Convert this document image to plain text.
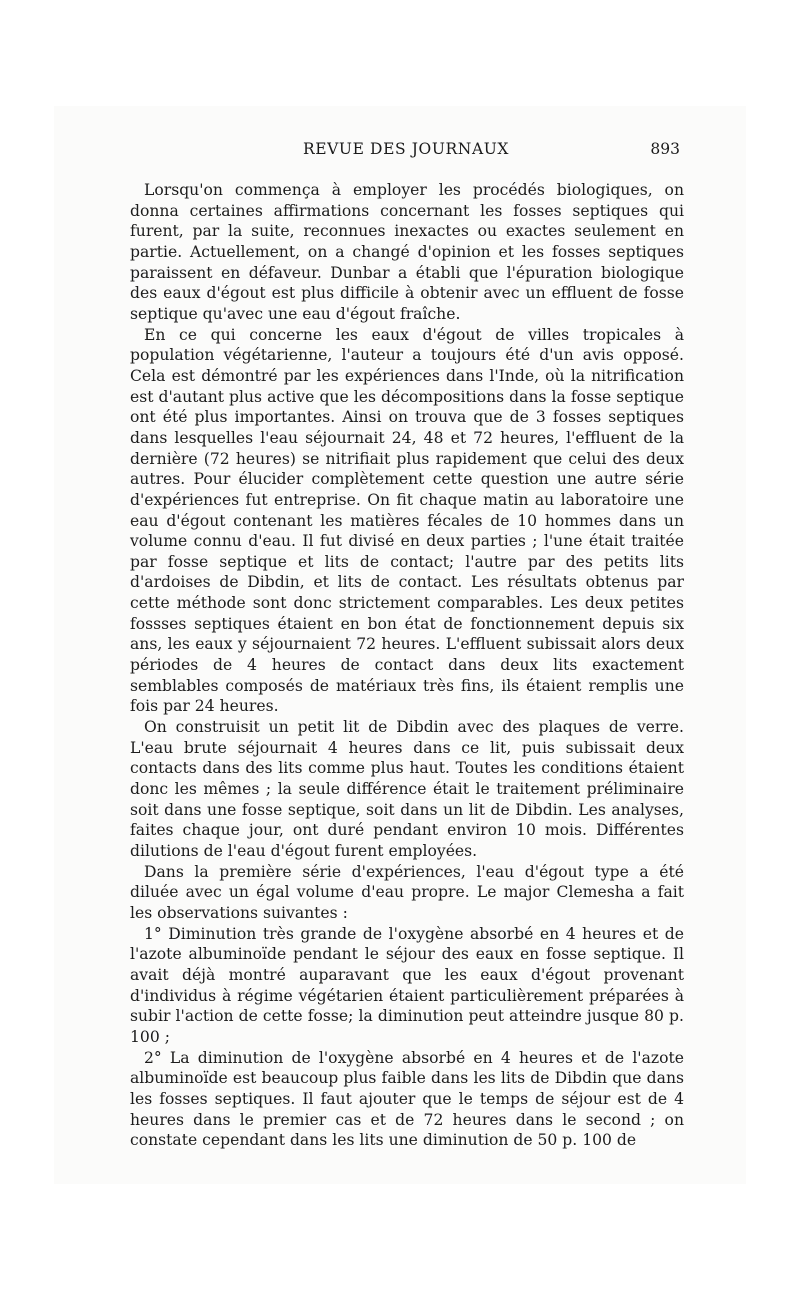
REVUE DES JOURNAUX	893

Lorsqu'on commença à employer les procédés biologiques, on donna certaines affirmations concernant les fosses septiques qui furent, par la suite, reconnues inexactes ou exactes seulement en partie. Actuellement, on a changé d'opinion et les fosses septiques paraissent en défaveur. Dunbar a établi que l'épuration biologique des eaux d'égout est plus difficile à obtenir avec un effluent de fosse septique qu'avec une eau d'égout fraîche.

En ce qui concerne les eaux d'égout de villes tropicales à population végétarienne, l'auteur a toujours été d'un avis opposé. Cela est démontré par les expériences dans l'Inde, où la nitrification est d'autant plus active que les décompositions dans la fosse septique ont été plus importantes. Ainsi on trouva que de 3 fosses septiques dans lesquelles l'eau séjournait 24, 48 et 72 heures, l'effluent de la dernière (72 heures) se nitrifiait plus rapidement que celui des deux autres. Pour élucider complètement cette question une autre série d'expériences fut entreprise. On fit chaque matin au laboratoire une eau d'égout contenant les matières fécales de 10 hommes dans un volume connu d'eau. Il fut divisé en deux parties ; l'une était traitée par fosse septique et lits de contact; l'autre par des petits lits d'ardoises de Dibdin, et lits de contact. Les résultats obtenus par cette méthode sont donc strictement comparables. Les deux petites fossses septiques étaient en bon état de fonctionnement depuis six ans, les eaux y séjournaient 72 heures. L'effluent subissait alors deux périodes de 4 heures de contact dans deux lits exactement semblables composés de matériaux très fins, ils étaient remplis une fois par 24 heures.

On construisit un petit lit de Dibdin avec des plaques de verre. L'eau brute séjournait 4 heures dans ce lit, puis subissait deux contacts dans des lits comme plus haut. Toutes les conditions étaient donc les mêmes ; la seule différence était le traitement préliminaire soit dans une fosse septique, soit dans un lit de Dibdin. Les analyses, faites chaque jour, ont duré pendant environ 10 mois. Différentes dilutions de l'eau d'égout furent employées.

Dans la première série d'expériences, l'eau d'égout type a été diluée avec un égal volume d'eau propre. Le major Clemesha a fait les observations suivantes :

1° Diminution très grande de l'oxygène absorbé en 4 heures et de l'azote albuminoïde pendant le séjour des eaux en fosse septique. Il avait déjà montré auparavant que les eaux d'égout provenant d'individus à régime végétarien étaient particulièrement préparées à subir l'action de cette fosse; la diminution peut atteindre jusque 80 p. 100 ;

2° La diminution de l'oxygène absorbé en 4 heures et de l'azote albuminoïde est beaucoup plus faible dans les lits de Dibdin que dans les fosses septiques. Il faut ajouter que le temps de séjour est de 4 heures dans le premier cas et de 72 heures dans le second ; on constate cependant dans les lits une diminution de 50 p. 100 de
